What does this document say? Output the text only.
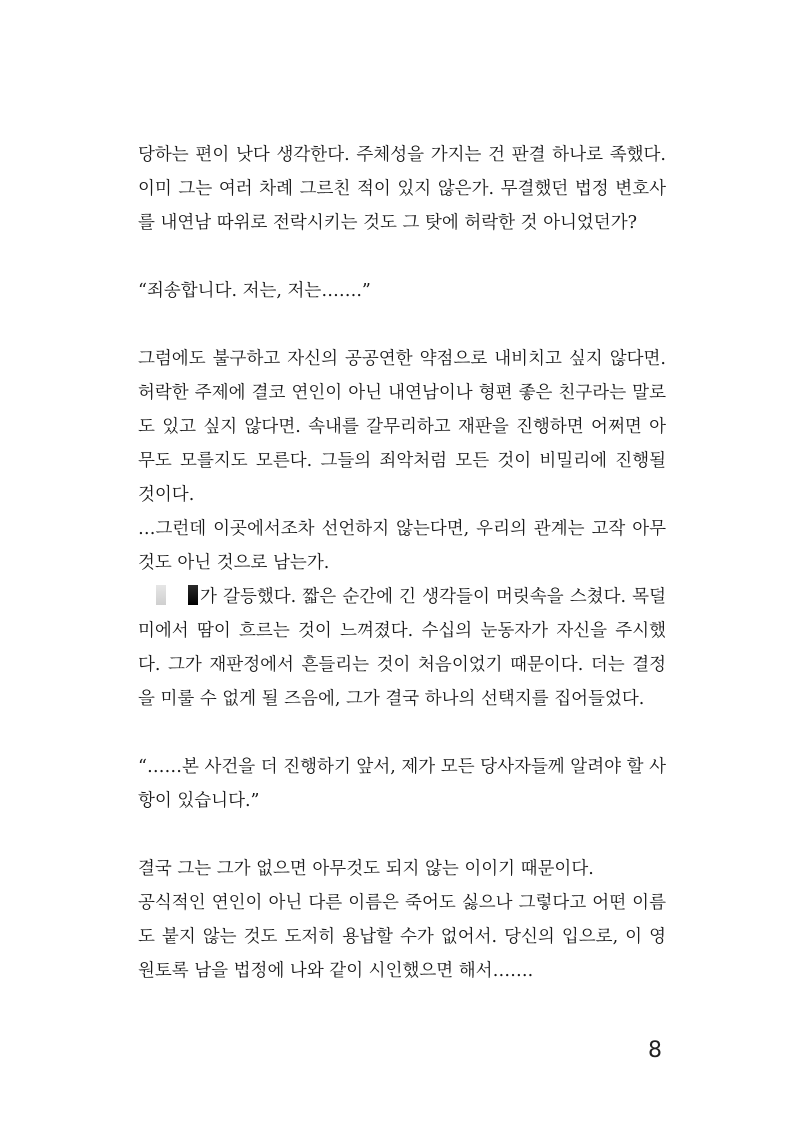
당하는 편이 낫다 생각한다. 주체성을 가지는 건 판결 하나로 족했다. 이미 그는 여러 차례 그르친 적이 있지 않은가. 무결했던 법정 변호사를 내연남 따위로 전락시키는 것도 그 탓에 허락한 것 아니었던가?

“죄송합니다. 저는, 저는…….”

그럼에도 불구하고 자신의 공공연한 약점으로 내비치고 싶지 않다면. 허락한 주제에 결코 연인이 아닌 내연남이나 형편 좋은 친구라는 말로도 있고 싶지 않다면. 속내를 갈무리하고 재판을 진행하면 어쩌면 아무도 모를지도 모른다. 그들의 죄악처럼 모든 것이 비밀리에 진행될 것이다.

…그런데 이곳에서조차 선언하지 않는다면, 우리의 관계는 고작 아무것도 아닌 것으로 남는가.

가 갈등했다. 짧은 순간에 긴 생각들이 머릿속을 스쳤다. 목덜미에서 땀이 흐르는 것이 느껴졌다. 수십의 눈동자가 자신을 주시했다. 그가 재판정에서 흔들리는 것이 처음이었기 때문이다. 더는 결정을 미룰 수 없게 될 즈음에, 그가 결국 하나의 선택지를 집어들었다.

“……본 사건을 더 진행하기 앞서, 제가 모든 당사자들께 알려야 할 사항이 있습니다.”

결국 그는 그가 없으면 아무것도 되지 않는 이이기 때문이다.

공식적인 연인이 아닌 다른 이름은 죽어도 싫으나 그렇다고 어떤 이름도 붙지 않는 것도 도저히 용납할 수가 없어서. 당신의 입으로, 이 영원토록 남을 법정에 나와 같이 시인했으면 해서…….

8
